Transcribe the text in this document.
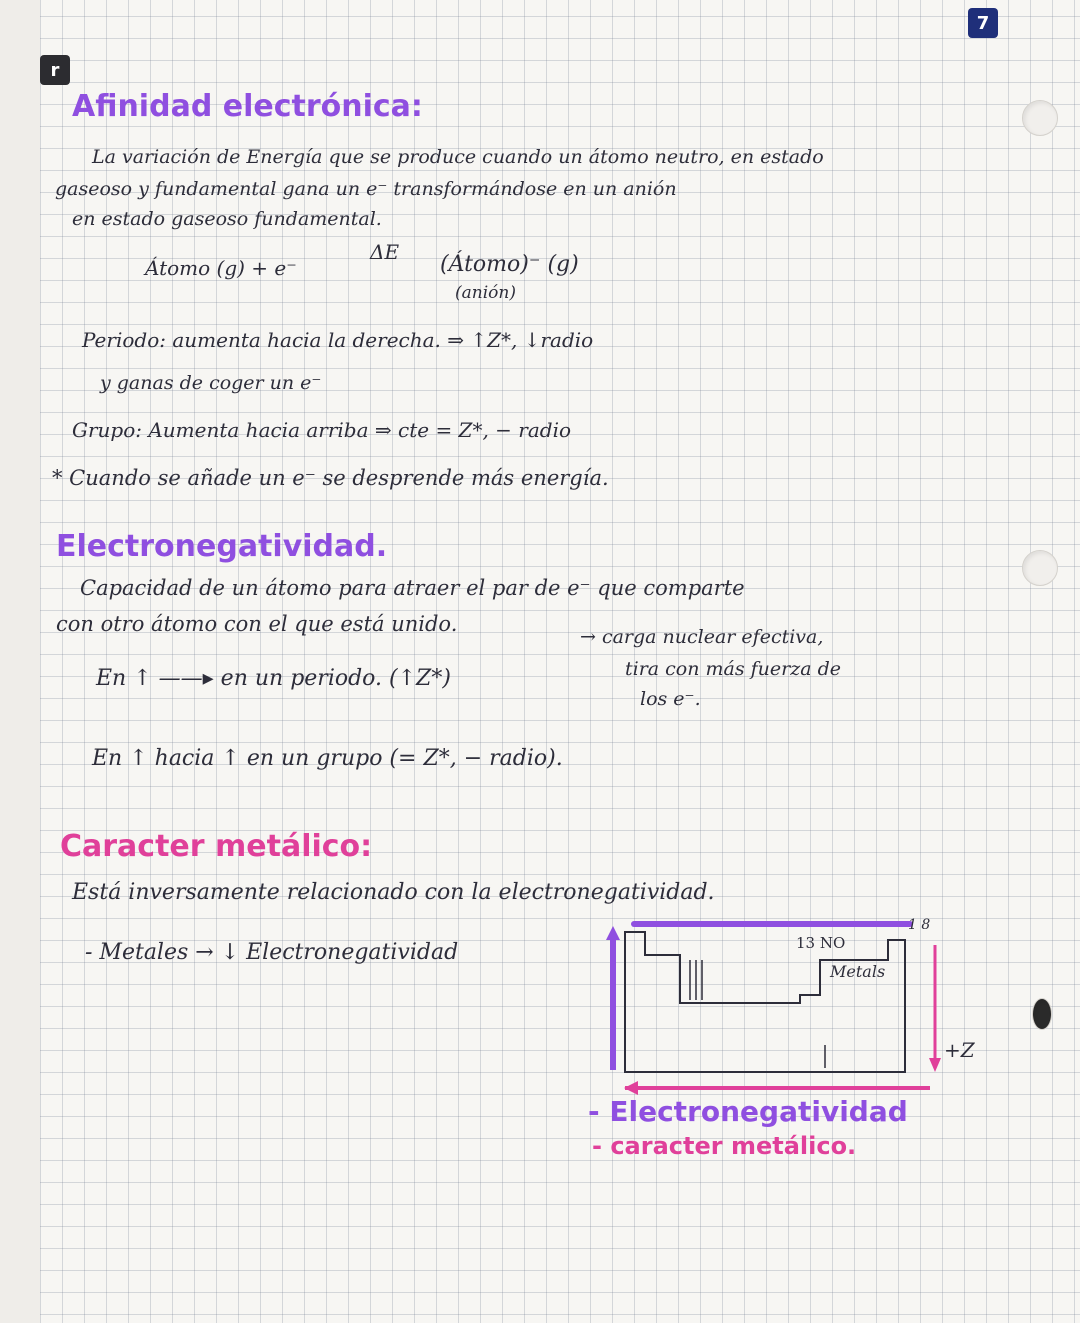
r
7
Afinidad electrónica:
La variación de Energía que se produce cuando un átomo neutro, en estado
gaseoso y fundamental gana un e⁻ transformándose en un anión
en estado gaseoso fundamental.
Átomo (g) + e⁻
ΔE (Átomo)⁻ (g)
(anión)
Periodo: aumenta hacia la derecha. ⇒ ↑Z*, ↓radio
y ganas de coger un e⁻
Grupo: Aumenta hacia arriba ⇒ cte = Z*, − radio
* Cuando se añade un e⁻ se desprende más energía.
Electronegatividad.
Capacidad de un átomo para atraer el par de e⁻ que comparte
con otro átomo con el que está unido.
→ carga nuclear efectiva,
En ↑ ——▸ en un periodo. (↑Z*)	tira con más fuerza de
los e⁻.
En ↑ hacia ↑ en un grupo (= Z*, − radio).
Caracter metálico:
Está inversamente relacionado con la electronegatividad.
- Metales → ↓ Electronegatividad	13 NO
Metals
1 8
+Z
- Electronegatividad
- caracter metálico.
